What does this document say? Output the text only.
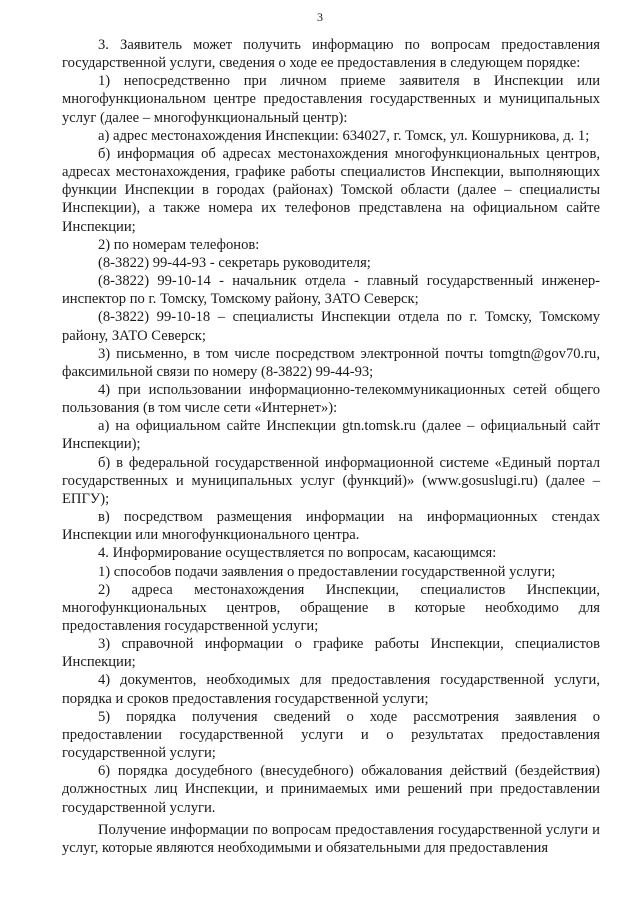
3

3. Заявитель может получить информацию по вопросам предоставления государственной услуги, сведения о ходе ее предоставления в следующем порядке:

1) непосредственно при личном приеме заявителя в Инспекции или многофункциональном центре предоставления государственных и муниципальных услуг (далее – многофункциональный центр):

а) адрес местонахождения Инспекции: 634027, г. Томск, ул. Кошурникова, д. 1;

б) информация об адресах местонахождения многофункциональных центров, адресах местонахождения, графике работы специалистов Инспекции, выполняющих функции Инспекции в городах (районах) Томской области (далее – специалисты Инспекции), а также номера их телефонов представлена на официальном сайте Инспекции;

2) по номерам телефонов:

(8-3822) 99-44-93 - секретарь руководителя;

(8-3822) 99-10-14 - начальник отдела - главный государственный инженер-инспектор по г. Томску, Томскому району, ЗАТО Северск;

(8-3822) 99-10-18 – специалисты Инспекции отдела по г. Томску, Томскому району, ЗАТО Северск;

3) письменно, в том числе посредством электронной почты tomgtn@gov70.ru, факсимильной связи по номеру (8-3822) 99-44-93;

4) при использовании информационно-телекоммуникационных сетей общего пользования (в том числе сети «Интернет»):

а) на официальном сайте Инспекции gtn.tomsk.ru (далее – официальный сайт Инспекции);

б) в федеральной государственной информационной системе «Единый портал государственных и муниципальных услуг (функций)» (www.gosuslugi.ru) (далее – ЕПГУ);

в) посредством размещения информации на информационных стендах Инспекции или многофункционального центра.

4. Информирование осуществляется по вопросам, касающимся:

1) способов подачи заявления о предоставлении государственной услуги;

2) адреса местонахождения Инспекции, специалистов Инспекции, многофункциональных центров, обращение в которые необходимо для предоставления государственной услуги;

3) справочной информации о графике работы Инспекции, специалистов Инспекции;

4) документов, необходимых для предоставления государственной услуги, порядка и сроков предоставления государственной услуги;

5) порядка получения сведений о ходе рассмотрения заявления о предоставлении государственной услуги и о результатах предоставления государственной услуги;

6) порядка досудебного (внесудебного) обжалования действий (бездействия) должностных лиц Инспекции, и принимаемых ими решений при предоставлении государственной услуги.

Получение информации по вопросам предоставления государственной услуги и услуг, которые являются необходимыми и обязательными для предоставления
